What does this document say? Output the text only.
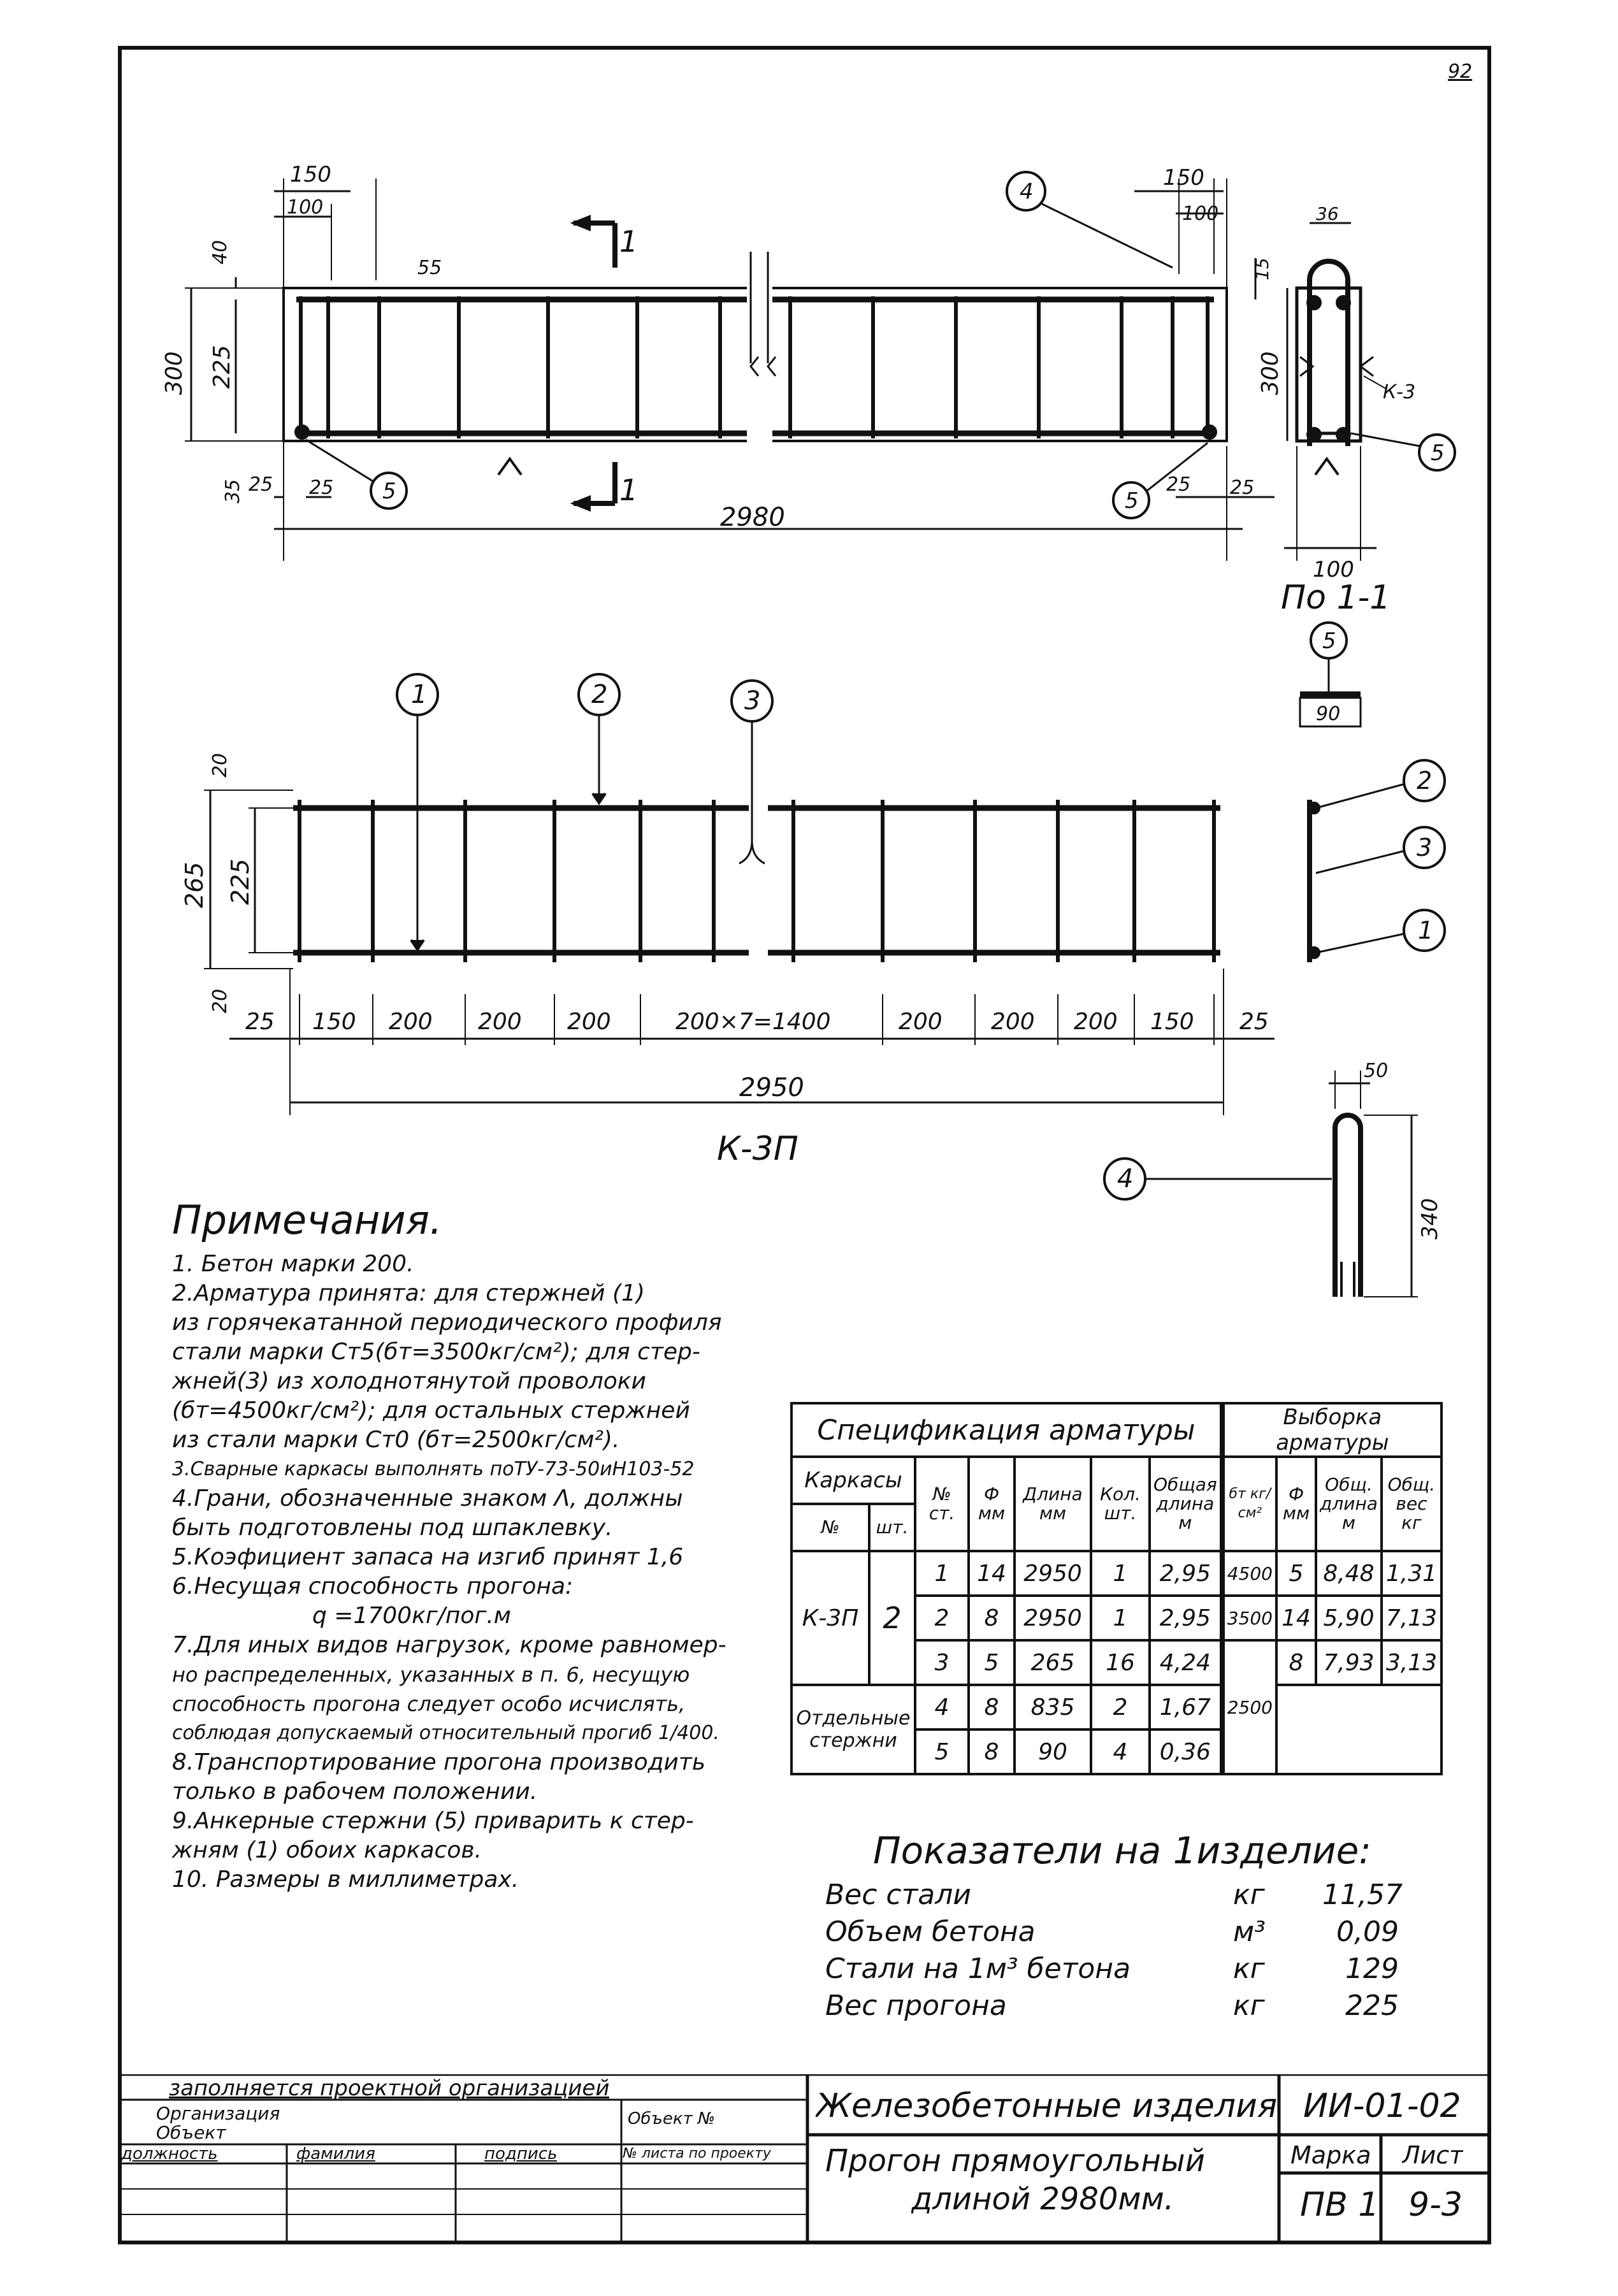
92
150
100
55
40
300 225
35 25 25
2980
150
100
15
25 25
1
1
4
5	5
36
300
100
К-3
5
По 1-1
5
90
1	2	3
20
265 225
20
25 150 200 200 200	200×7=1400	200 200 200 150 25
2950
К-3П
2
3
1
50
340
4
Примечания.
1. Бетон марки 200.
2.Арматура принята: для стержней (1)
из горячекатанной периодического профиля
стали марки Ст5(бт=3500кг/см²); для стер-
жней(3) из холоднотянутой проволоки
(бт=4500кг/см²); для остальных стержней
из стали марки Ст0 (бт=2500кг/см²).
3.Сварные каркасы выполнять поТУ-73-50иН103-52
4.Грани, обозначенные знаком Λ, должны
быть подготовлены под шпаклевку.
5.Коэфициент запаса на изгиб принят 1,6
6.Несущая способность прогона:
q =1700кг/пог.м
7.Для иных видов нагрузок, кроме равномер-
но распределенных, указанных в п. 6, несущую
способность прогона следует особо исчислять,
соблюдая допускаемый относительный прогиб 1/400.
8.Транспортирование прогона производить
только в рабочем положении.
9.Анкерные стержни (5) приварить к стер-
жням (1) обоих каркасов.
10. Размеры в миллиметрах.
Спецификация арматуры							Выборка арматуры			
Каркасы		№ ст.	Ф мм	Длина мм	Кол. шт.	Общая длина м	бт кг/см²	Ф мм	Общ. длина м	Общ. вес кг
№	шт.									
К-3П	2	1	14	2950	1	2,95	4500	5	8,48	1,31
		2	8	2950	1	2,95	3500	14	5,90	7,13
		3	5	265	16	4,24	2500	8	7,93	3,13
Отдельные стержни		4	8	835	2	1,67				
		5	8	90	4	0,36				
Показатели на 1изделие:
Вес стали	кг	11,57
Объем бетона	м³	0,09
Стали на 1м³ бетона	кг	129
Вес прогона	кг	225
заполняется проектной организацией
Организация
Объект
Объект №
должность	фамилия	подпись	№ листа по проекту
Железобетонные изделия ИИ-01-02
Прогон прямоугольный
длиной 2980мм.
Марка Лист
ПВ 1 9-3
